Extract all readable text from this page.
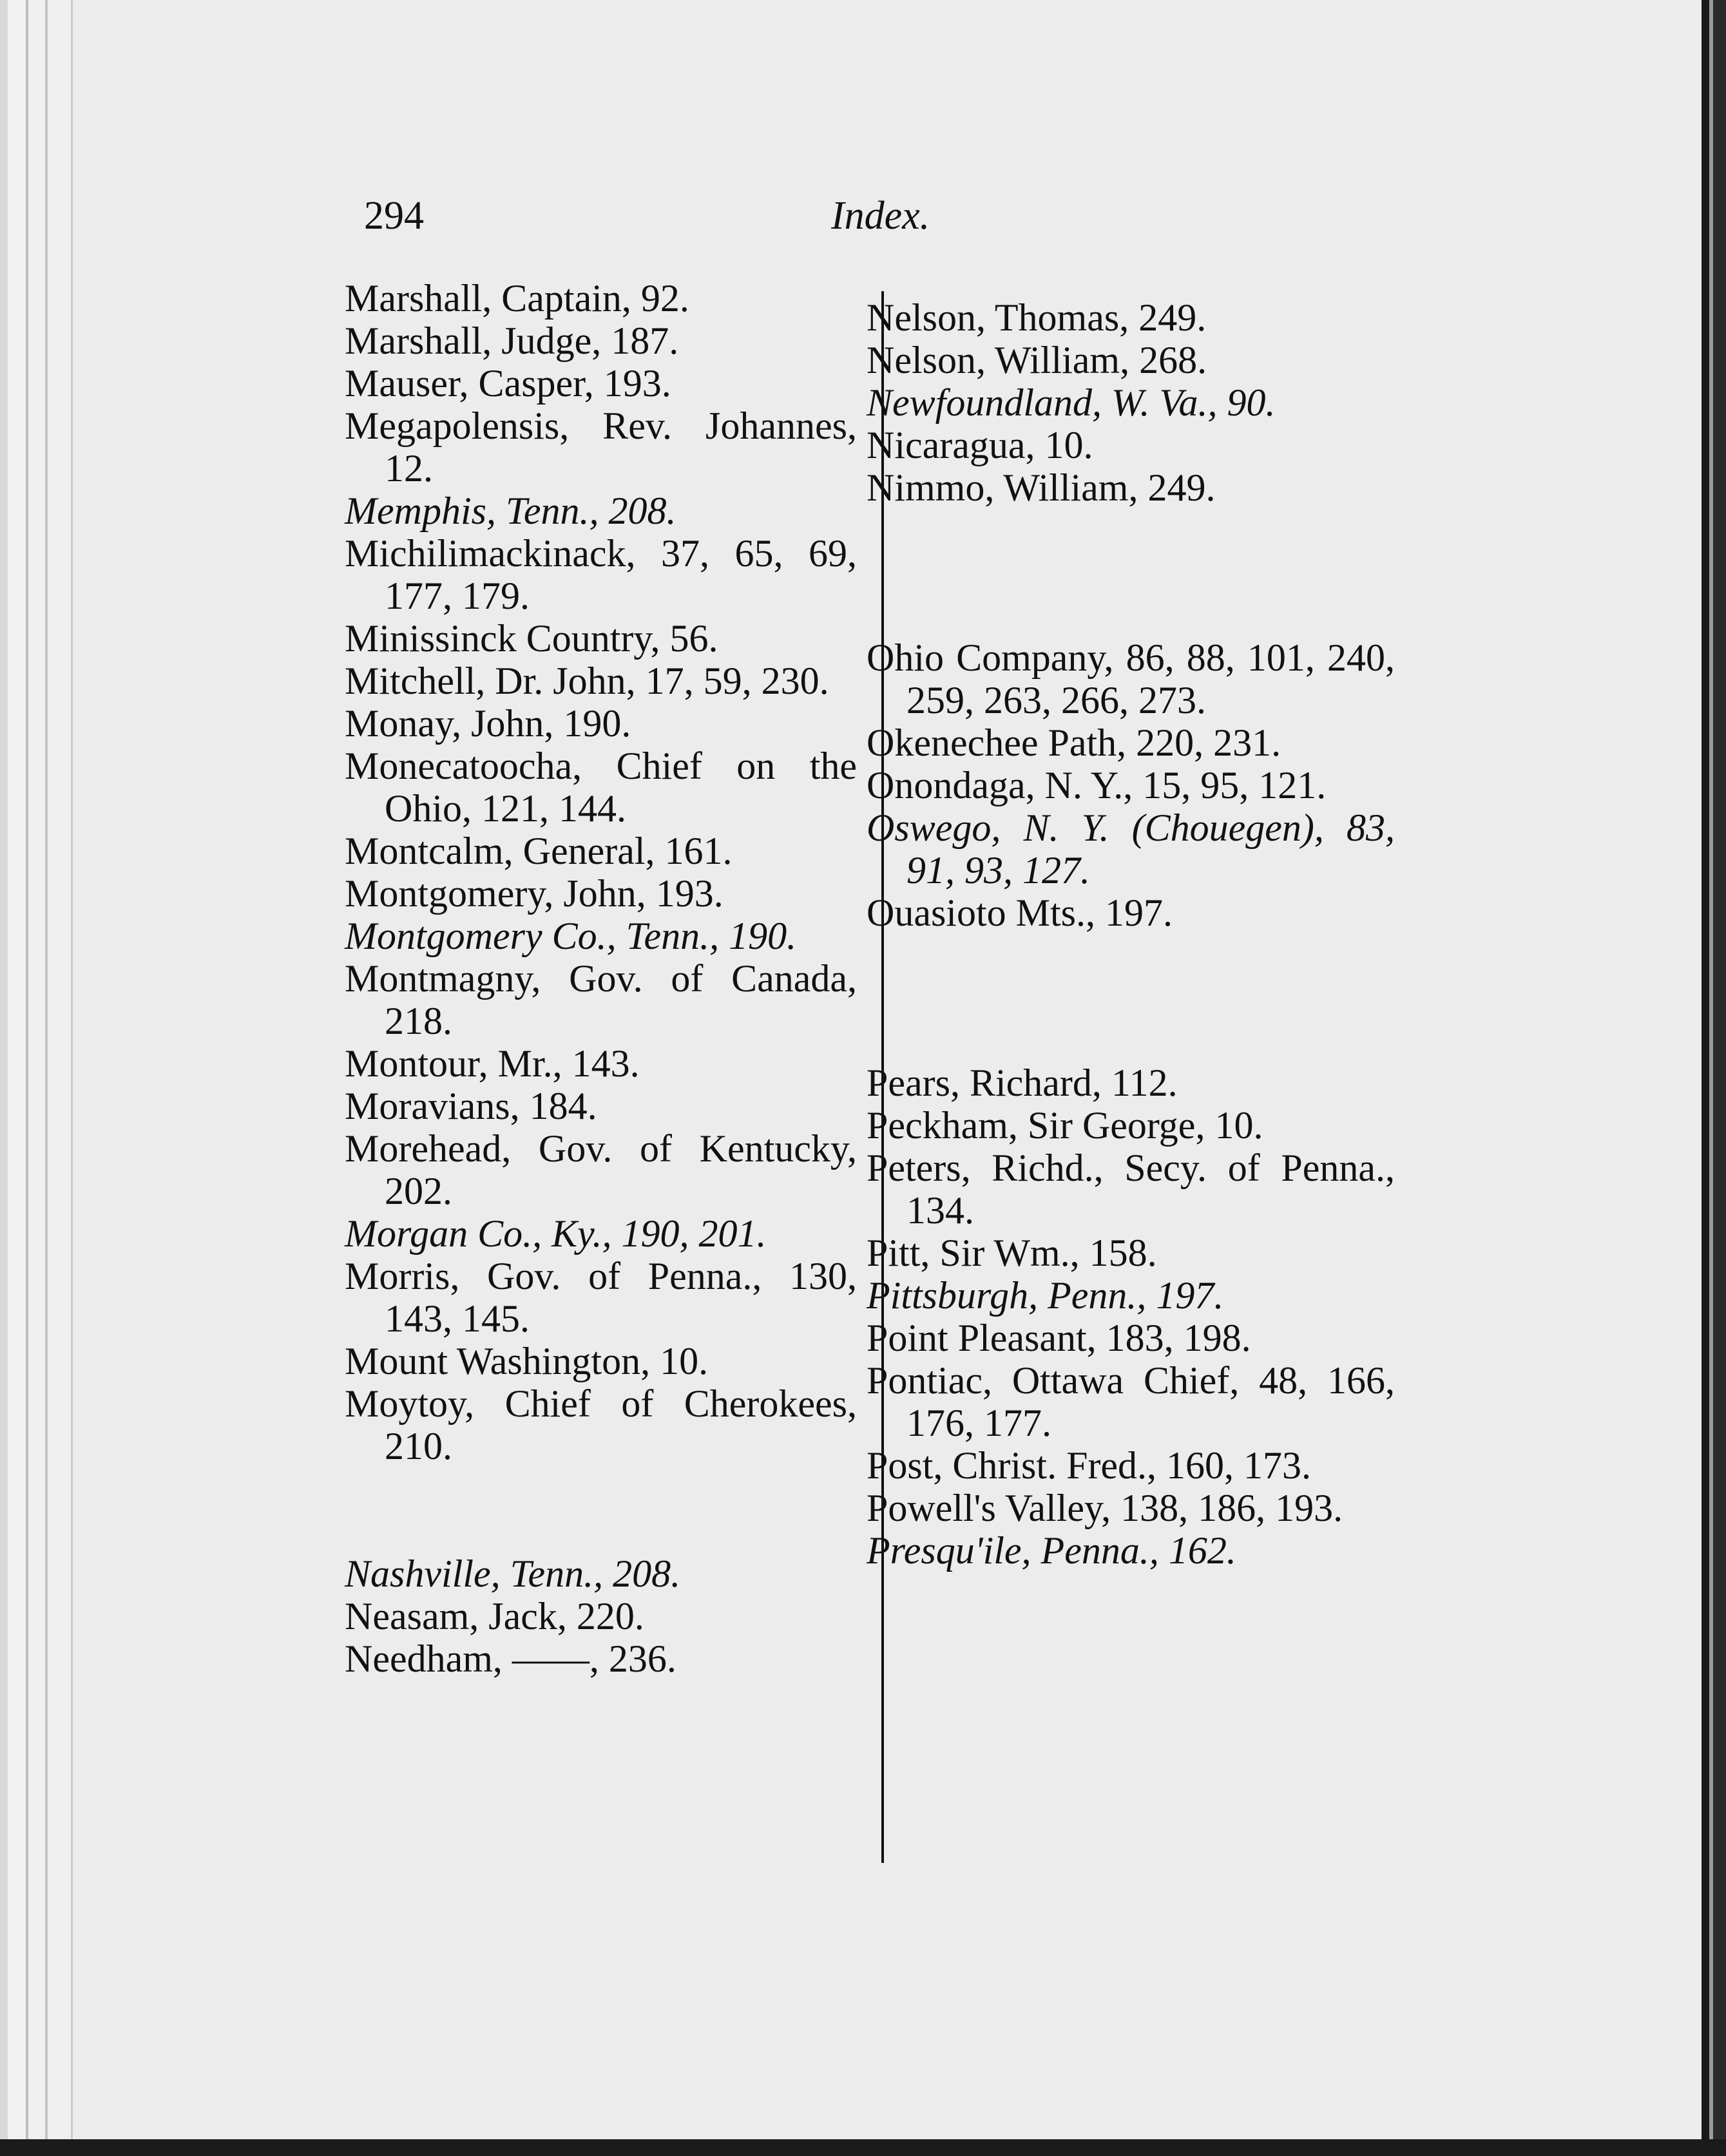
294	Index.

Marshall, Captain, 92.

Marshall, Judge, 187.

Mauser, Casper, 193.

Megapolensis, Rev. Johannes, 12.

Memphis, Tenn., 208.

Michilimackinack, 37, 65, 69, 177, 179.

Minissinck Country, 56.

Mitchell, Dr. John, 17, 59, 230.

Monay, John, 190.

Monecatoocha, Chief on the Ohio, 121, 144.

Montcalm, General, 161.

Montgomery, John, 193.

Montgomery Co., Tenn., 190.

Montmagny, Gov. of Canada, 218.

Montour, Mr., 143.

Moravians, 184.

Morehead, Gov. of Kentucky, 202.

Morgan Co., Ky., 190, 201.

Morris, Gov. of Penna., 130, 143, 145.

Mount Washington, 10.

Moytoy, Chief of Cherokees, 210.

Nashville, Tenn., 208.

Neasam, Jack, 220.

Needham, ——, 236.

Nelson, Thomas, 249.

Nelson, William, 268.

Newfoundland, W. Va., 90.

Nicaragua, 10.

Nimmo, William, 249.

Ohio Company, 86, 88, 101, 240, 259, 263, 266, 273.

Okenechee Path, 220, 231.

Onondaga, N. Y., 15, 95, 121.

Oswego, N. Y. (Chouegen), 83, 91, 93, 127.

Ouasioto Mts., 197.

Pears, Richard, 112.

Peckham, Sir George, 10.

Peters, Richd., Secy. of Penna., 134.

Pitt, Sir Wm., 158.

Pittsburgh, Penn., 197.

Point Pleasant, 183, 198.

Pontiac, Ottawa Chief, 48, 166, 176, 177.

Post, Christ. Fred., 160, 173.

Powell's Valley, 138, 186, 193.

Presqu'ile, Penna., 162.
